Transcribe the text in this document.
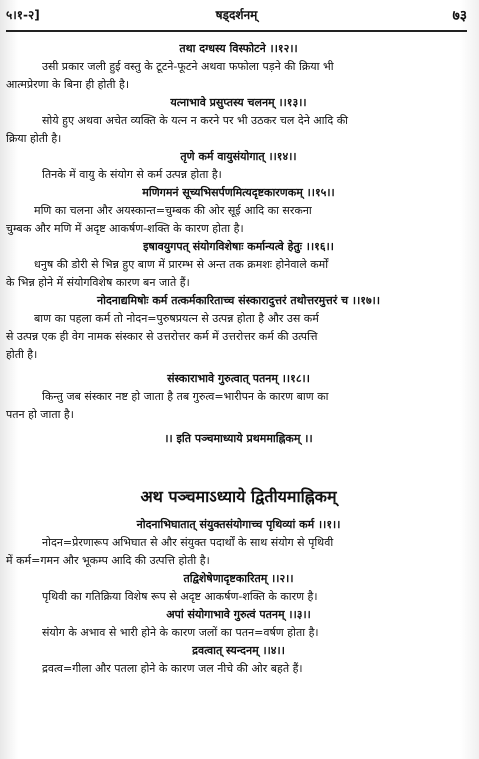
५।१-२]	षड्दर्शनम्	७३
तथा दग्धस्य विस्फोटने ।।१२।।
उसी प्रकार जली हुई वस्तु के टूटने-फूटने अथवा फफोला पड़ने की क्रिया भी
आत्मप्रेरणा के बिना ही होती है।
यत्नाभावे प्रसुप्तस्य चलनम् ।।१३।।
सोये हुए अथवा अचेत व्यक्ति के यत्न न करने पर भी उठकर चल देने आदि की
क्रिया होती है।
तृणे कर्म वायुसंयोगात् ।।१४।।
तिनके में वायु के संयोग से कर्म उत्पन्न होता है।
मणिगमनं सूच्यभिसर्पणमित्यदृष्टकारणकम् ।।१५।।
मणि का चलना और अयस्कान्त=चुम्बक की ओर सूई आदि का सरकना
चुम्बक और मणि में अदृष्ट आकर्षण-शक्ति के कारण होता है।
इषावयुगपत् संयोगविशेषाः कर्मान्यत्वे हेतुः ।।१६।।
धनुष की डोरी से भिन्न हुए बाण में प्रारम्भ से अन्त तक क्रमशः होनेवाले कर्मों
के भिन्न होने में संयोगविशेष कारण बन जाते हैं।
नोदनाद्यमिषोः कर्म तत्कर्मकारिताच्च संस्कारादुत्तरं तथोत्तरमुत्तरं च ।।१७।।
बाण का पहला कर्म तो नोदन=पुरुषप्रयत्न से उत्पन्न होता है और उस कर्म
से उत्पन्न एक ही वेग नामक संस्कार से उत्तरोत्तर कर्म में उत्तरोत्तर कर्म की उत्पत्ति
होती है।
संस्काराभावे गुरुत्वात् पतनम् ।।१८।।
किन्तु जब संस्कार नष्ट हो जाता है तब गुरुत्व=भारीपन के कारण बाण का
पतन हो जाता है।
।। इति पञ्चमाध्याये प्रथममाह्निकम् ।।
अथ पञ्चमाऽध्याये द्वितीयमाह्निकम्
नोदनाभिघातात् संयुक्तसंयोगाच्च पृथिव्यां कर्म ।।१।।
नोदन=प्रेरणारूप अभिघात से और संयुक्त पदार्थों के साथ संयोग से पृथिवी
में कर्म=गमन और भूकम्प आदि की उत्पत्ति होती है।
तद्विशेषेणादृष्टकारितम् ।।२।।
पृथिवी का गतिक्रिया विशेष रूप से अदृष्ट आकर्षण-शक्ति के कारण है।
अपां संयोगाभावे गुरुत्वं पतनम् ।।३।।
संयोग के अभाव से भारी होने के कारण जलों का पतन=वर्षण होता है।
द्रवत्वात् स्यन्दनम् ।।४।।
द्रवत्व=गीला और पतला होने के कारण जल नीचे की ओर बहते हैं।
